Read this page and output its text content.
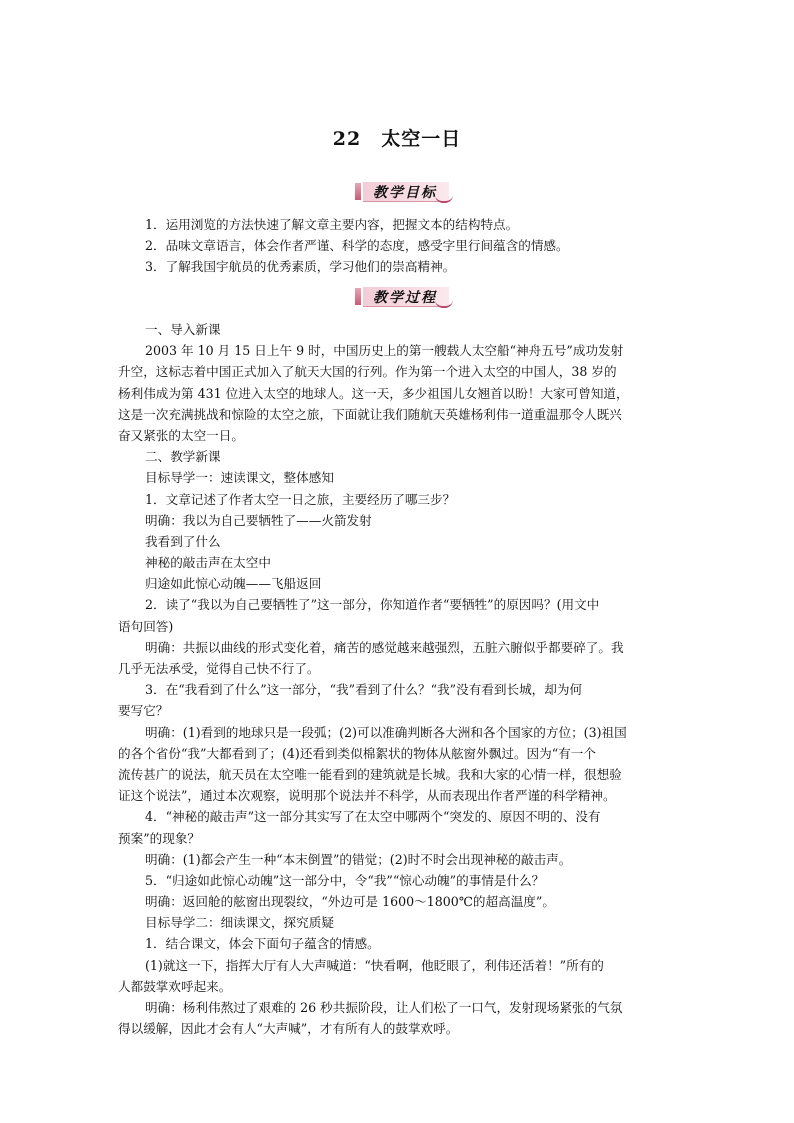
22　太空一日
教学目标
1．运用浏览的方法快速了解文章主要内容，把握文本的结构特点。
2．品味文章语言，体会作者严谨、科学的态度，感受字里行间蕴含的情感。
3．了解我国宇航员的优秀素质，学习他们的崇高精神。
教学过程
一、导入新课
2003 年 10 月 15 日上午 9 时，中国历史上的第一艘载人太空船“神舟五号”成功发射
升空，这标志着中国正式加入了航天大国的行列。作为第一个进入太空的中国人，38 岁的
杨利伟成为第 431 位进入太空的地球人。这一天，多少祖国儿女翘首以盼！大家可曾知道，
这是一次充满挑战和惊险的太空之旅，下面就让我们随航天英雄杨利伟一道重温那令人既兴
奋又紧张的太空一日。
二、教学新课
目标导学一：速读课文，整体感知
1．文章记述了作者太空一日之旅，主要经历了哪三步？
明确：我以为自己要牺牲了——火箭发射
我看到了什么
神秘的敲击声在太空中
归途如此惊心动魄——飞船返回
2．读了“我以为自己要牺牲了”这一部分，你知道作者“要牺牲”的原因吗？(用文中
语句回答)
明确：共振以曲线的形式变化着，痛苦的感觉越来越强烈，五脏六腑似乎都要碎了。我
几乎无法承受，觉得自己快不行了。
3．在“我看到了什么”这一部分，“我”看到了什么？“我”没有看到长城，却为何
要写它？
明确：(1)看到的地球只是一段弧；(2)可以准确判断各大洲和各个国家的方位；(3)祖国
的各个省份“我”大都看到了；(4)还看到类似棉絮状的物体从舷窗外飘过。因为“有一个
流传甚广的说法，航天员在太空唯一能看到的建筑就是长城。我和大家的心情一样，很想验
证这个说法”，通过本次观察，说明那个说法并不科学，从而表现出作者严谨的科学精神。
4．“神秘的敲击声”这一部分其实写了在太空中哪两个“突发的、原因不明的、没有
预案”的现象？
明确：(1)都会产生一种“本末倒置”的错觉；(2)时不时会出现神秘的敲击声。
5．“归途如此惊心动魄”这一部分中，令“我”“惊心动魄”的事情是什么？
明确：返回舱的舷窗出现裂纹，“外边可是 1600～1800℃的超高温度”。
目标导学二：细读课文，探究质疑
1．结合课文，体会下面句子蕴含的情感。
(1)就这一下，指挥大厅有人大声喊道：“快看啊，他眨眼了，利伟还活着！”所有的
人都鼓掌欢呼起来。
明确：杨利伟熬过了艰难的 26 秒共振阶段，让人们松了一口气，发射现场紧张的气氛
得以缓解，因此才会有人“大声喊”，才有所有人的鼓掌欢呼。
